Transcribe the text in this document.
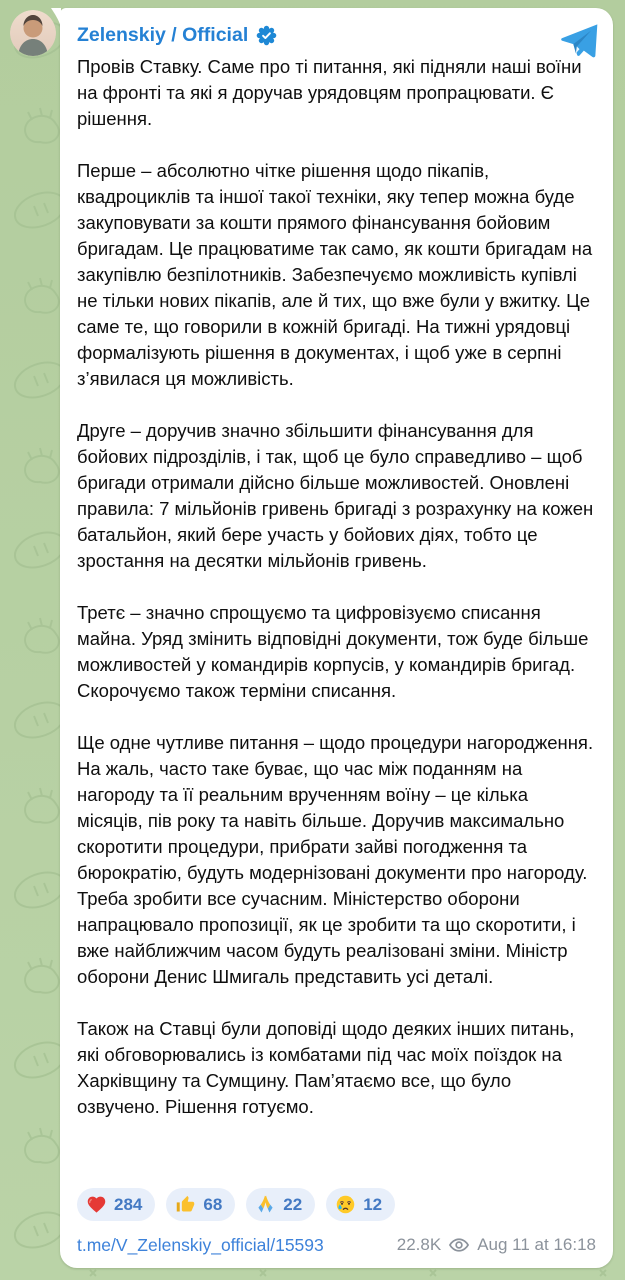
Zelenskiy / Official

Провів Ставку. Саме про ті питання, які підняли наші воїни на фронті та які я доручав урядовцям пропрацювати. Є рішення.

Перше – абсолютно чітке рішення щодо пікапів, квадроциклів та іншої такої техніки, яку тепер можна буде закуповувати за кошти прямого фінансування бойовим бригадам. Це працюватиме так само, як кошти бригадам на закупівлю безпілотників. Забезпечуємо можливість купівлі не тільки нових пікапів, але й тих, що вже були у вжитку. Це саме те, що говорили в кожній бригаді. На тижні урядовці формалізують рішення в документах, і щоб уже в серпні з’явилася ця можливість.

Друге – доручив значно збільшити фінансування для бойових підрозділів, і так, щоб це було справедливо – щоб бригади отримали дійсно більше можливостей. Оновлені правила: 7 мільйонів гривень бригаді з розрахунку на кожен батальйон, який бере участь у бойових діях, тобто це зростання на десятки мільйонів гривень.

Третє – значно спрощуємо та цифровізуємо списання майна. Уряд змінить відповідні документи, тож буде більше можливостей у командирів корпусів, у командирів бригад. Скорочуємо також терміни списання.

Ще одне чутливе питання – щодо процедури нагородження. На жаль, часто таке буває, що час між поданням на нагороду та її реальним врученням воїну – це кілька місяців, пів року та навіть більше. Доручив максимально скоротити процедури, прибрати зайві погодження та бюрократію, будуть модернізовані документи про нагороду. Треба зробити все сучасним. Міністерство оборони напрацювало пропозиції, як це зробити та що скоротити, і вже найближчим часом будуть реалізовані зміни. Міністр оборони Денис Шмигаль представить усі деталі.

Також на Ставці були доповіді щодо деяких інших питань, які обговорювались із комбатами під час моїх поїздок на Харківщину та Сумщину. Пам’ятаємо все, що було озвучено. Рішення готуємо.

284	68	22	12
t.me/V_Zelenskiy_official/15593	22.8K Aug 11 at 16:18
